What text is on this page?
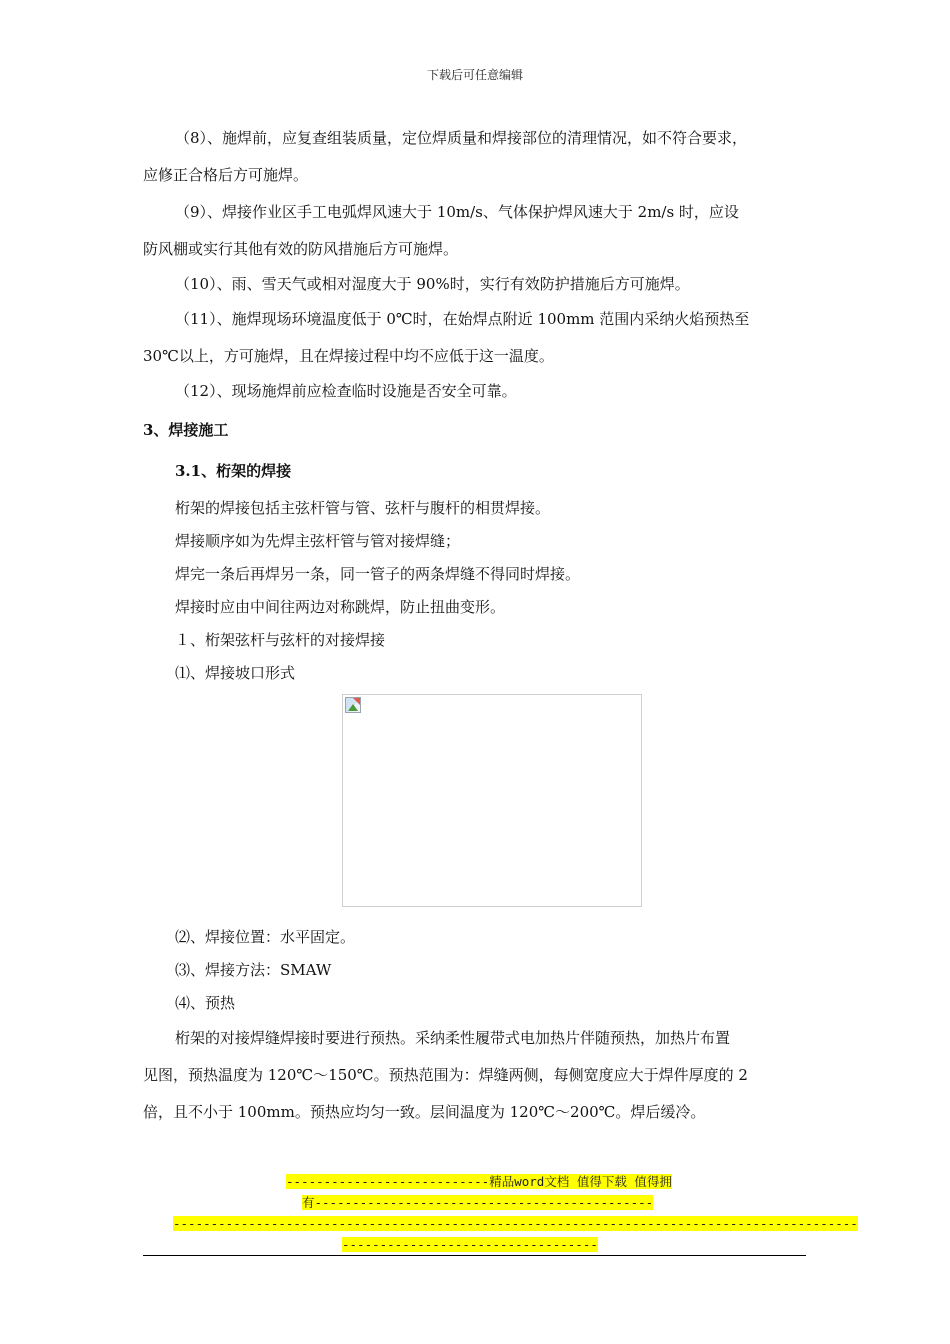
下载后可任意编辑

（8）、施焊前，应复查组装质量，定位焊质量和焊接部位的清理情况，如不符合要求，

应修正合格后方可施焊。

（9）、焊接作业区手工电弧焊风速大于 10m/s、气体保护焊风速大于 2m/s 时，应设

防风棚或实行其他有效的防风措施后方可施焊。

（10）、雨、雪天气或相对湿度大于 90%时，实行有效防护措施后方可施焊。

（11）、施焊现场环境温度低于 0℃时，在始焊点附近 100mm 范围内采纳火焰预热至

30℃以上，方可施焊，且在焊接过程中均不应低于这一温度。

（12）、现场施焊前应检查临时设施是否安全可靠。

3、焊接施工

3.1、桁架的焊接

桁架的焊接包括主弦杆管与管、弦杆与腹杆的相贯焊接。

焊接顺序如为先焊主弦杆管与管对接焊缝；

焊完一条后再焊另一条，同一管子的两条焊缝不得同时焊接。

焊接时应由中间往两边对称跳焊，防止扭曲变形。

１、桁架弦杆与弦杆的对接焊接

⑴、焊接坡口形式

⑵、焊接位置：水平固定。

⑶、焊接方法：SMAW

⑷、预热

桁架的对接焊缝焊接时要进行预热。采纳柔性履带式电加热片伴随预热，加热片布置

见图，预热温度为 120℃～150℃。预热范围为：焊缝两侧，每侧宽度应大于焊件厚度的 2

倍，且不小于 100mm。预热应均匀一致。层间温度为 120℃～200℃。焊后缓冷。

---------------------------精品word文档 值得下载 值得拥
有---------------------------------------------
-------------------------------------------------------------------------------------------
----------------------------------
